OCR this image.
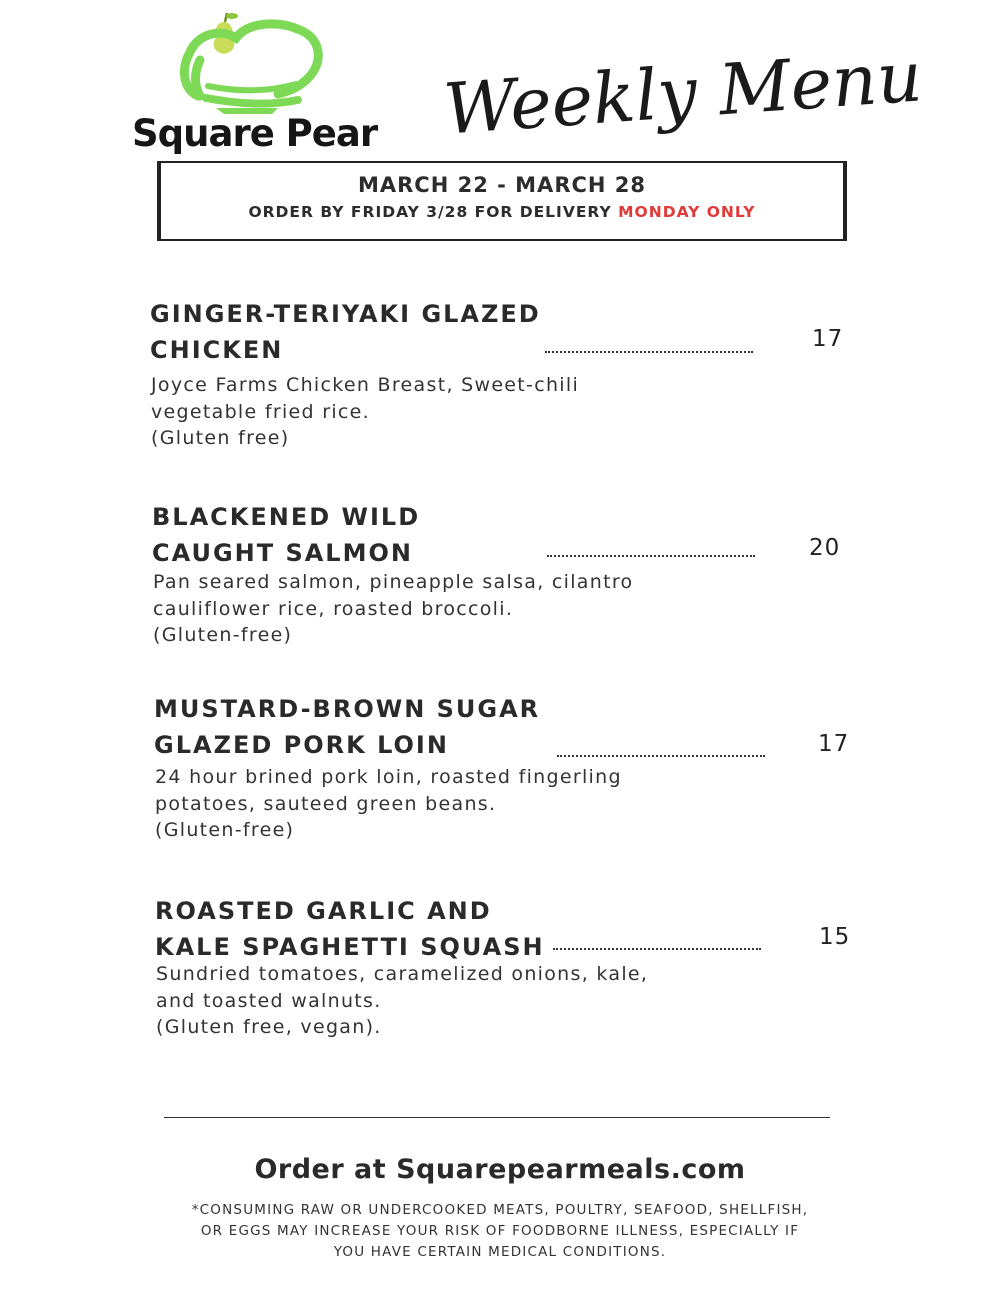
Square Pear Weekly Menu
MARCH 22 - MARCH 28
ORDER BY FRIDAY 3/28 FOR DELIVERY MONDAY ONLY
GINGER-TERIYAKI GLAZED
CHICKEN
Joyce Farms Chicken Breast, Sweet-chili
vegetable fried rice.
(Gluten free)
17
BLACKENED WILD
CAUGHT SALMON
Pan seared salmon, pineapple salsa, cilantro
cauliflower rice, roasted broccoli.
(Gluten-free)
20
MUSTARD-BROWN SUGAR
GLAZED PORK LOIN
24 hour brined pork loin, roasted fingerling
potatoes, sauteed green beans.
(Gluten-free)
17
ROASTED GARLIC AND
KALE SPAGHETTI SQUASH
Sundried tomatoes, caramelized onions, kale,
and toasted walnuts.
(Gluten free, vegan).
15
Order at Squarepearmeals.com
*CONSUMING RAW OR UNDERCOOKED MEATS, POULTRY, SEAFOOD, SHELLFISH,
OR EGGS MAY INCREASE YOUR RISK OF FOODBORNE ILLNESS, ESPECIALLY IF
YOU HAVE CERTAIN MEDICAL CONDITIONS.
